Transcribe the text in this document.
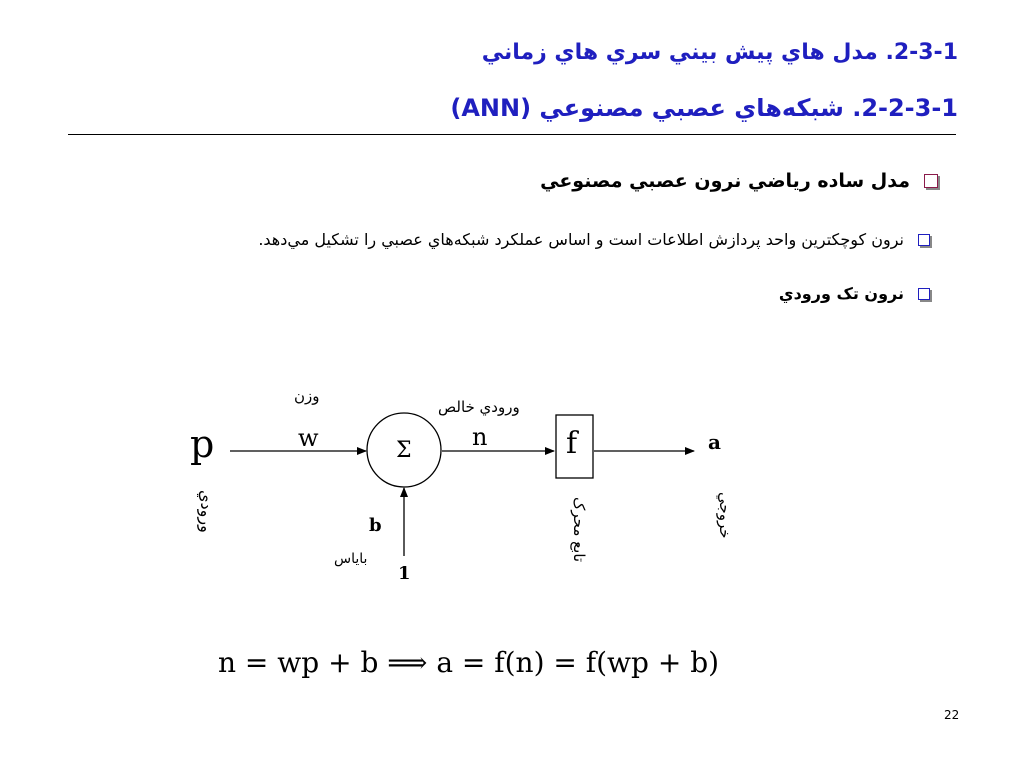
2-3-1. مدل هاي پيش بيني سري هاي زماني
2-2-3-1. شبکه‌هاي عصبي مصنوعي (ANN)
مدل ساده رياضي نرون عصبي مصنوعي
نرون کوچکترين واحد پردازش اطلاعات است و اساس عملکرد شبکه‌هاي عصبي را تشکيل مي‌دهد.
نرون تک ورودي
p
ورودي
وزن
w	Σ
ورودي خالص
n	f
تابع محرک
a
خروجي
b
باياس
1
n = wp + b ⟹ a = f(n) = f(wp + b)
22
